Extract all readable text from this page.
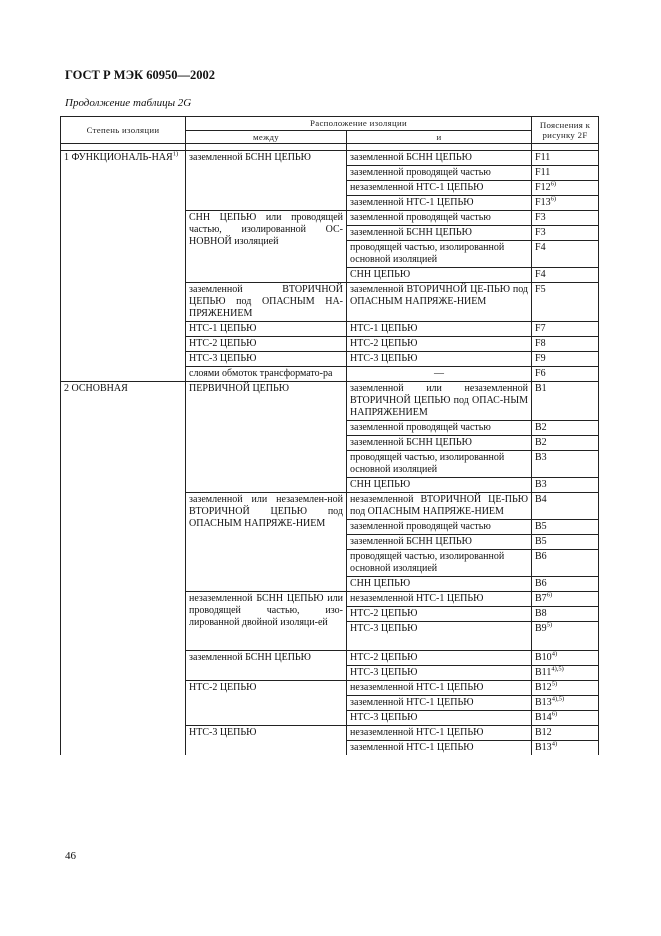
ГОСТ Р МЭК 60950—2002
Продолжение таблицы 2G
Степень изоляции	Расположение изоляции		Пояснения к рисунку 2F
	между	и	

1 ФУНКЦИОНАЛЬ-НАЯ$^{1)}$	заземленной БСНН ЦЕПЬЮ	заземленной БСНН ЦЕПЬЮ	F11
		заземленной проводящей частью	F11
		незаземленной НТС-1 ЦЕПЬЮ	F12$^{6)}$
		заземленной НТС-1 ЦЕПЬЮ	F13$^{6)}$
	СНН ЦЕПЬЮ или проводящей частью, изолированной ОС-НОВНОЙ изоляцией	заземленной проводящей частью	F3
		заземленной БСНН ЦЕПЬЮ	F3
		проводящей частью, изолированной основной изоляцией	F4
		СНН ЦЕПЬЮ	F4
	заземленной ВТОРИЧНОЙ ЦЕПЬЮ под ОПАСНЫМ НА-ПРЯЖЕНИЕМ	заземленной ВТОРИЧНОЙ ЦЕ-ПЬЮ под ОПАСНЫМ НАПРЯЖЕ-НИЕМ	F5
	НТС-1 ЦЕПЬЮ	НТС-1 ЦЕПЬЮ	F7
	НТС-2 ЦЕПЬЮ	НТС-2 ЦЕПЬЮ	F8
	НТС-3 ЦЕПЬЮ	НТС-3 ЦЕПЬЮ	F9
	слоями обмоток трансформато-ра	—	F6
2 ОСНОВНАЯ	ПЕРВИЧНОЙ ЦЕПЬЮ	заземленной или незаземленной ВТОРИЧНОЙ ЦЕПЬЮ под ОПАС-НЫМ НАПРЯЖЕНИЕМ	B1
		заземленной проводящей частью	B2
		заземленной БСНН ЦЕПЬЮ	B2
		проводящей частью, изолированной основной изоляцией	B3
		СНН ЦЕПЬЮ	B3
	заземленной или незаземлен-ной ВТОРИЧНОЙ ЦЕПЬЮ под ОПАСНЫМ НАПРЯЖЕ-НИЕМ	незаземленной ВТОРИЧНОЙ ЦЕ-ПЬЮ под ОПАСНЫМ НАПРЯЖЕ-НИЕМ	B4
		заземленной проводящей частью	B5
		заземленной БСНН ЦЕПЬЮ	B5
		проводящей частью, изолированной основной изоляцией	B6
		СНН ЦЕПЬЮ	B6
	незаземленной БСНН ЦЕПЬЮ или проводящей частью, изо-лированной двойной изоляци-ей	незаземленной НТС-1 ЦЕПЬЮ	B7$^{6)}$
		НТС-2 ЦЕПЬЮ	B8
		НТС-3 ЦЕПЬЮ	B9$^{5)}$
	заземленной БСНН ЦЕПЬЮ	НТС-2 ЦЕПЬЮ	B10$^{4)}$
		НТС-3 ЦЕПЬЮ	$B11^{4),5)}$
	НТС-2 ЦЕПЬЮ	незаземленной НТС-1 ЦЕПЬЮ	B12$^{5)}$
		заземленной НТС-1 ЦЕПЬЮ	$B13^{4),5)}$
		НТС-3 ЦЕПЬЮ	B14$^{6)}$
	НТС-3 ЦЕПЬЮ	незаземленной НТС-1 ЦЕПЬЮ	B12
		заземленной НТС-1 ЦЕПЬЮ	B13$^{4)}$
46
